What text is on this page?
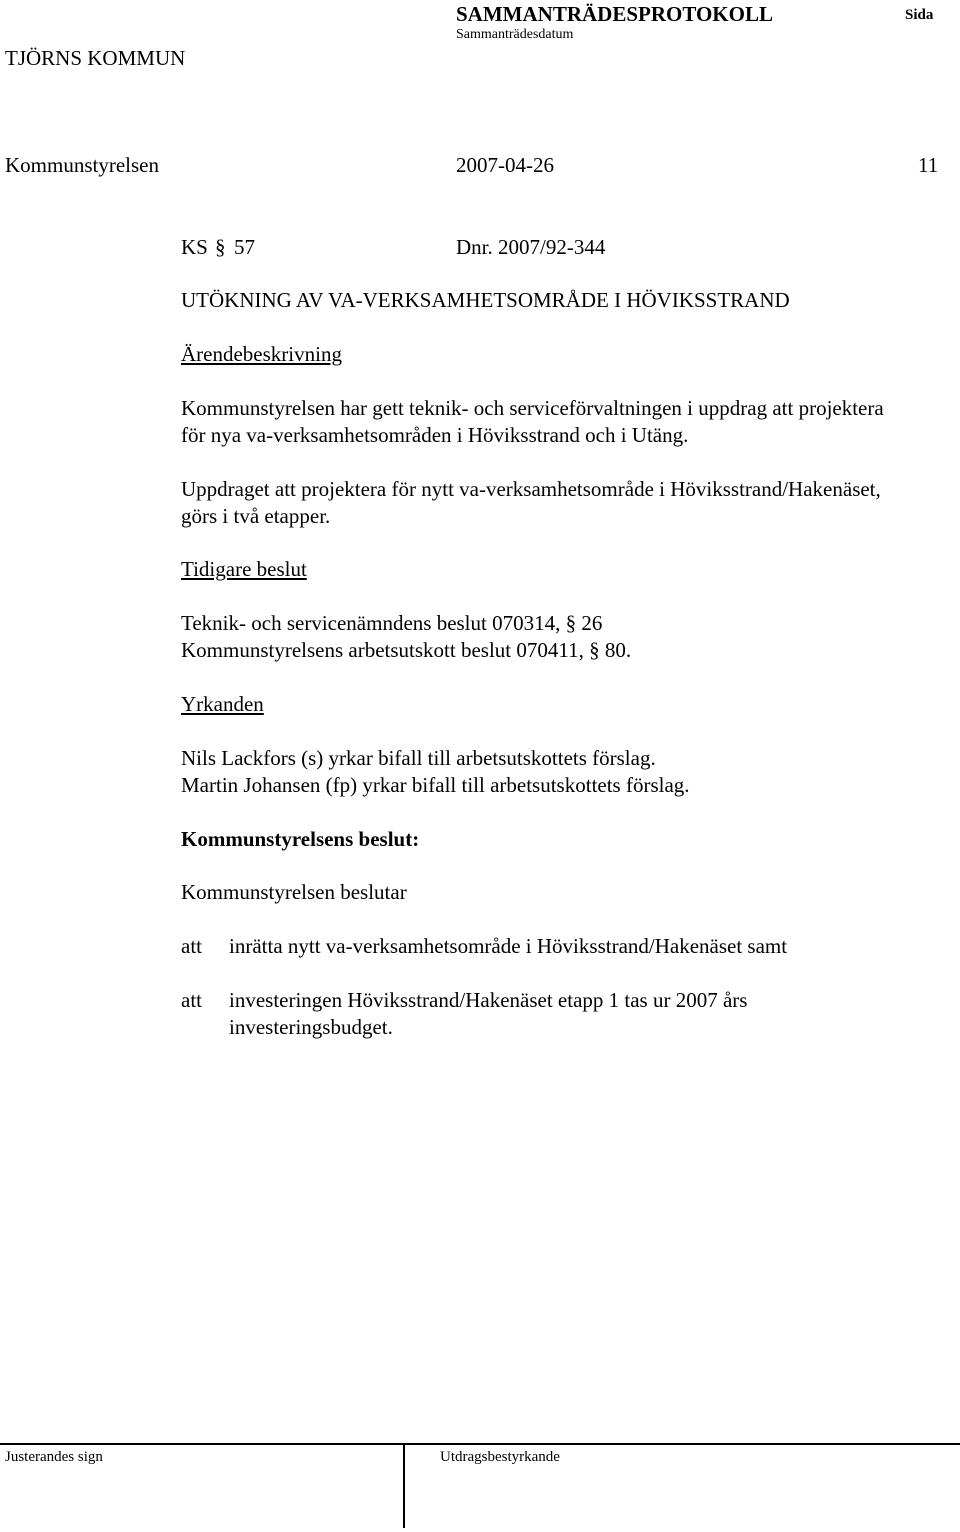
TJÖRNS KOMMUN
SAMMANTRÄDESPROTOKOLL
Sammanträdesdatum
Sida
Kommunstyrelsen	2007-04-26	11
KS § 57	Dnr. 2007/92-344
UTÖKNING AV VA-VERKSAMHETSOMRÅDE I HÖVIKSSTRAND
Ärendebeskrivning
Kommunstyrelsen har gett teknik- och serviceförvaltningen i uppdrag att projektera
för nya va-verksamhetsområden i Höviksstrand och i Utäng.
Uppdraget att projektera för nytt va-verksamhetsområde i Höviksstrand/Hakenäset,
görs i två etapper.
Tidigare beslut
Teknik- och servicenämndens beslut 070314, § 26
Kommunstyrelsens arbetsutskott beslut 070411, § 80.
Yrkanden
Nils Lackfors (s) yrkar bifall till arbetsutskottets förslag.
Martin Johansen (fp) yrkar bifall till arbetsutskottets förslag.
Kommunstyrelsens beslut:
Kommunstyrelsen beslutar
att inrätta nytt va-verksamhetsområde i Höviksstrand/Hakenäset samt
att investeringen Höviksstrand/Hakenäset etapp 1 tas ur 2007 års
investeringsbudget.
Justerandes sign	Utdragsbestyrkande
